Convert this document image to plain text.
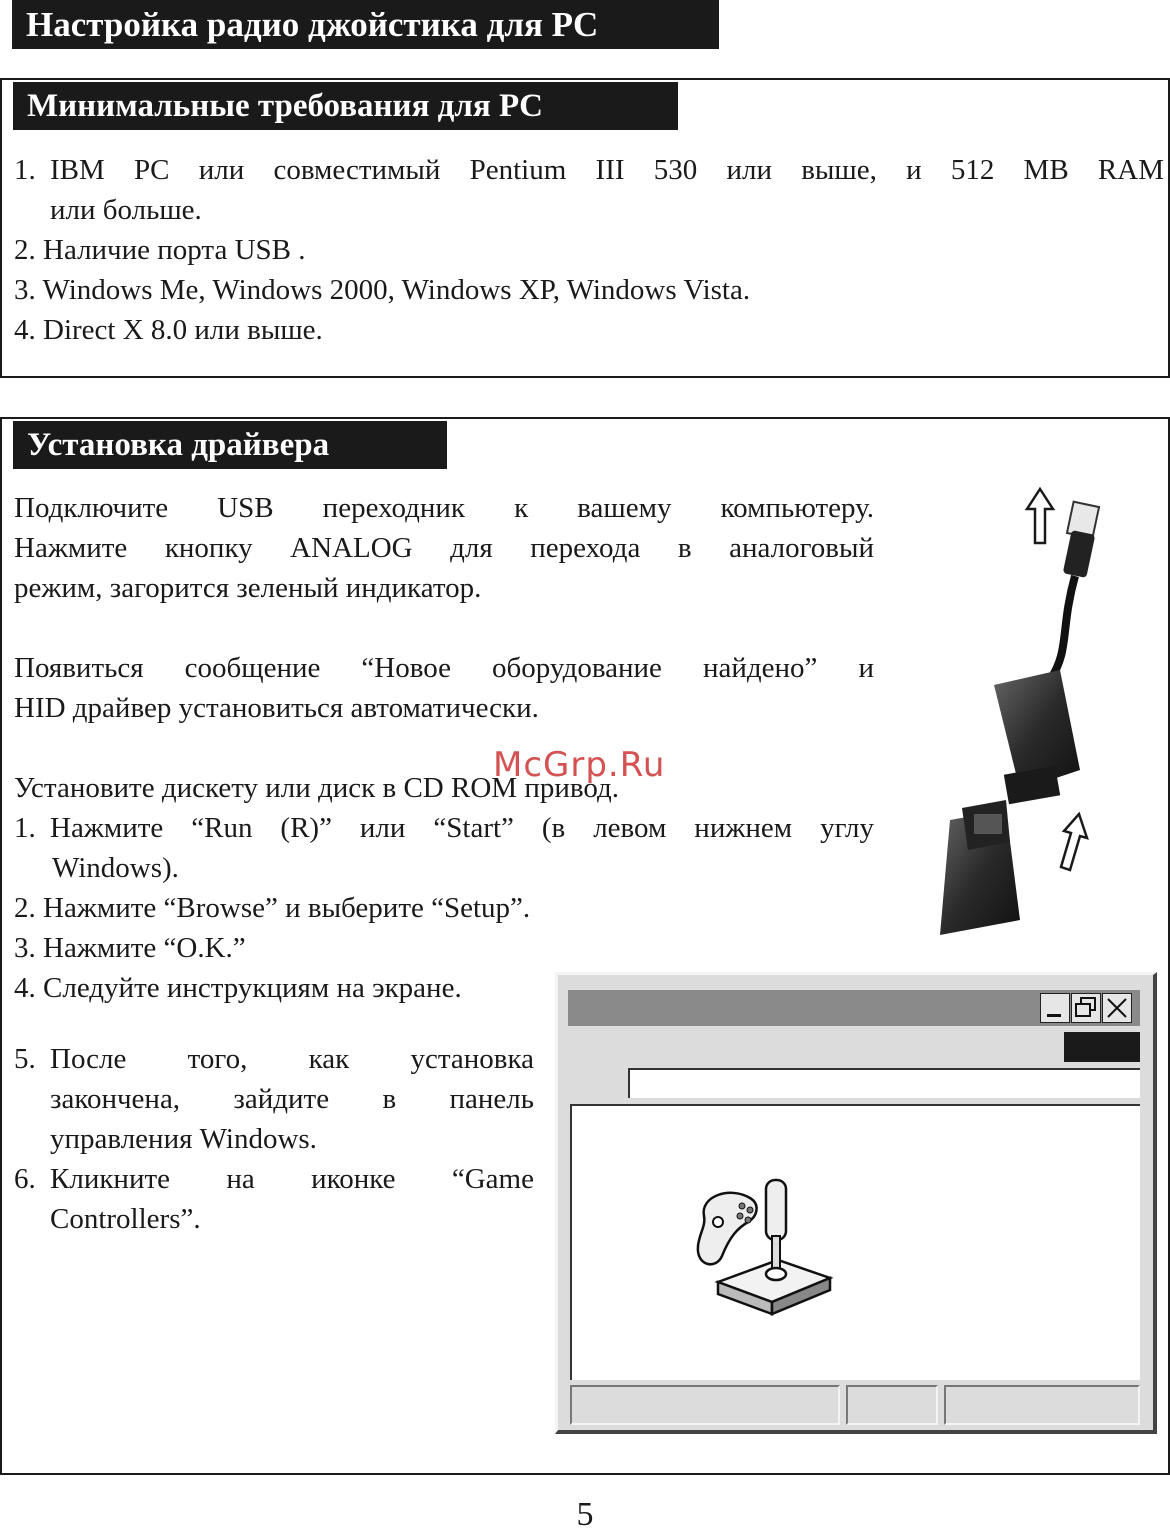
Настройка радио джойстика для PC
Минимальные требования для PC
1. IBM PC или совместимый Pentium III 530 или выше, и 512 MB RAM
или больше.
2. Наличие порта USB .
3. Windows Me, Windows 2000, Windows XP, Windows Vista.
4. Direct X 8.0 или выше.
Установка драйвера
Подключите USB переходник к вашему компьютеру.
Нажмите кнопку ANALOG для перехода в аналоговый
режим, загорится зеленый индикатор.
Появиться сообщение “Новое оборудование найдено” и
HID драйвер установиться автоматически.
Установите дискету или диск в CD ROM привод.
1. Нажмите “Run (R)” или “Start” (в левом нижнем углу
Windows).
2. Нажмите “Browse” и выберите “Setup”.
3. Нажмите “O.K.”
4. Следуйте инструкциям на экране.
5. После того, как установка
закончена, зайдите в панель
управления Windows.
6. Кликните на иконке “Game
Controllers”.
McGrp.Ru
5
